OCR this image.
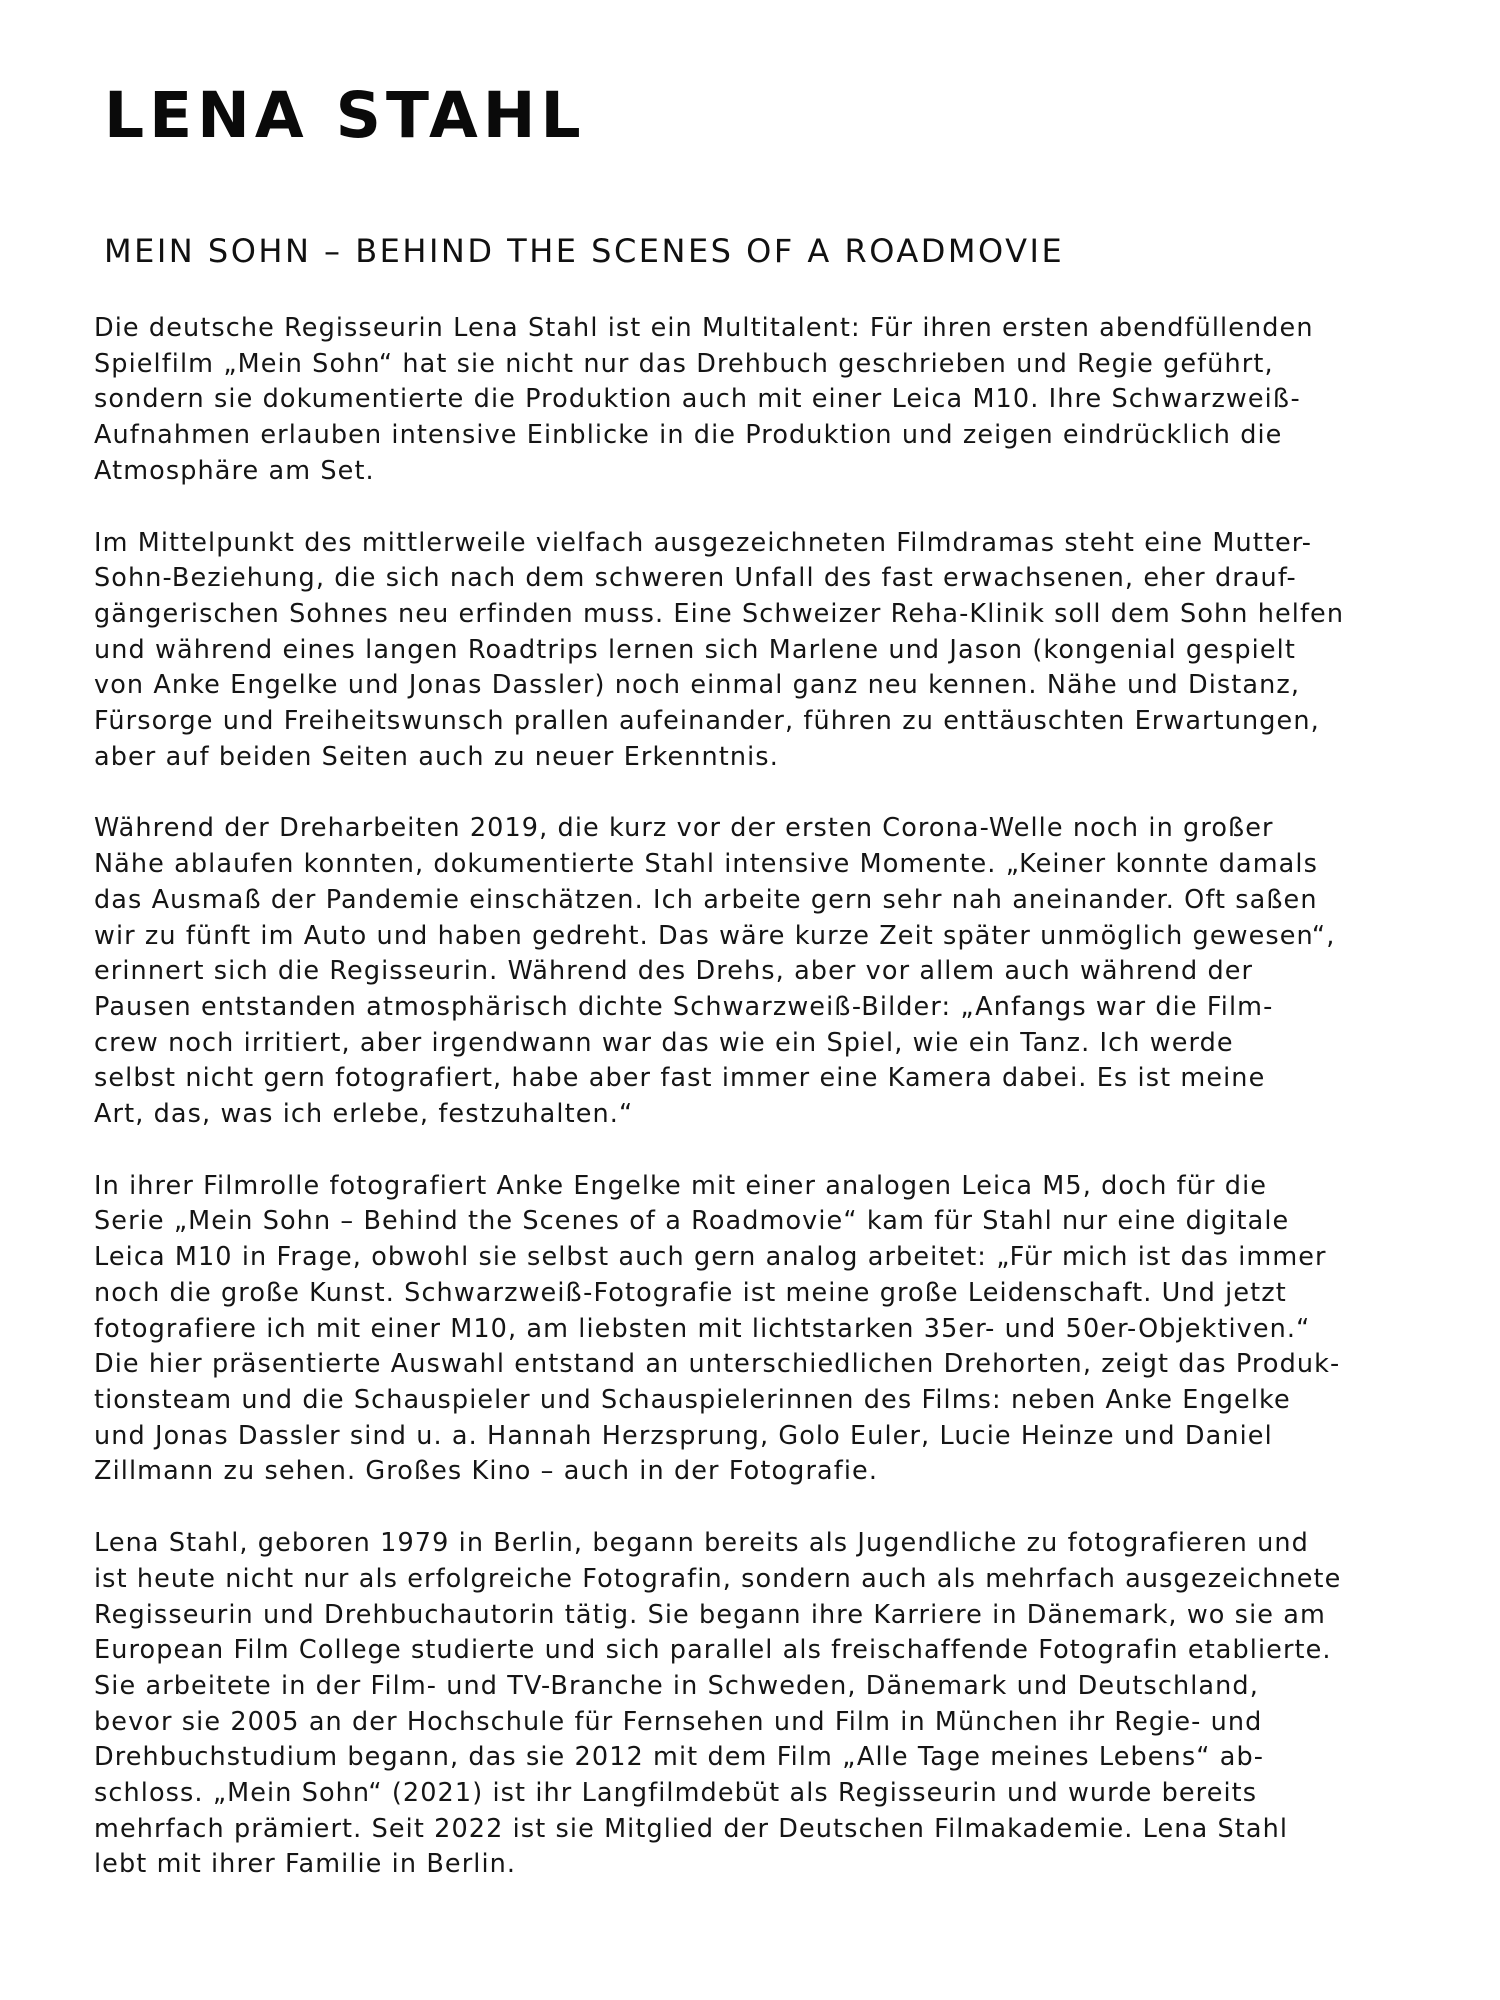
LENA STAHL
MEIN SOHN – BEHIND THE SCENES OF A ROADMOVIE

Die deutsche Regisseurin Lena Stahl ist ein Multitalent: Für ihren ersten abendfüllenden
Spielfilm „Mein Sohn“ hat sie nicht nur das Drehbuch geschrieben und Regie geführt,
sondern sie dokumentierte die Produktion auch mit einer Leica M10. Ihre Schwarzweiß-
Aufnahmen erlauben intensive Einblicke in die Produktion und zeigen eindrücklich die
Atmosphäre am Set.

Im Mittelpunkt des mittlerweile vielfach ausgezeichneten Filmdramas steht eine Mutter-
Sohn-Beziehung, die sich nach dem schweren Unfall des fast erwachsenen, eher drauf-
gängerischen Sohnes neu erfinden muss. Eine Schweizer Reha-Klinik soll dem Sohn helfen
und während eines langen Roadtrips lernen sich Marlene und Jason (kongenial gespielt
von Anke Engelke und Jonas Dassler) noch einmal ganz neu kennen. Nähe und Distanz,
Fürsorge und Freiheitswunsch prallen aufeinander, führen zu enttäuschten Erwartungen,
aber auf beiden Seiten auch zu neuer Erkenntnis.

Während der Dreharbeiten 2019, die kurz vor der ersten Corona-Welle noch in großer
Nähe ablaufen konnten, dokumentierte Stahl intensive Momente. „Keiner konnte damals
das Ausmaß der Pandemie einschätzen. Ich arbeite gern sehr nah aneinander. Oft saßen
wir zu fünft im Auto und haben gedreht. Das wäre kurze Zeit später unmöglich gewesen“,
erinnert sich die Regisseurin. Während des Drehs, aber vor allem auch während der
Pausen entstanden atmosphärisch dichte Schwarzweiß-Bilder: „Anfangs war die Film-
crew noch irritiert, aber irgendwann war das wie ein Spiel, wie ein Tanz. Ich werde
selbst nicht gern fotografiert, habe aber fast immer eine Kamera dabei. Es ist meine
Art, das, was ich erlebe, festzuhalten.“

In ihrer Filmrolle fotografiert Anke Engelke mit einer analogen Leica M5, doch für die
Serie „Mein Sohn – Behind the Scenes of a Roadmovie“ kam für Stahl nur eine digitale
Leica M10 in Frage, obwohl sie selbst auch gern analog arbeitet: „Für mich ist das immer
noch die große Kunst. Schwarzweiß-Fotografie ist meine große Leidenschaft. Und jetzt
fotografiere ich mit einer M10, am liebsten mit lichtstarken 35er- und 50er-Objektiven.“
Die hier präsentierte Auswahl entstand an unterschiedlichen Drehorten, zeigt das Produk-
tionsteam und die Schauspieler und Schauspielerinnen des Films: neben Anke Engelke
und Jonas Dassler sind u. a. Hannah Herzsprung, Golo Euler, Lucie Heinze und Daniel
Zillmann zu sehen. Großes Kino – auch in der Fotografie.

Lena Stahl, geboren 1979 in Berlin, begann bereits als Jugendliche zu fotografieren und
ist heute nicht nur als erfolgreiche Fotografin, sondern auch als mehrfach ausgezeichnete
Regisseurin und Drehbuchautorin tätig. Sie begann ihre Karriere in Dänemark, wo sie am
European Film College studierte und sich parallel als freischaffende Fotografin etablierte.
Sie arbeitete in der Film- und TV-Branche in Schweden, Dänemark und Deutschland,
bevor sie 2005 an der Hochschule für Fernsehen und Film in München ihr Regie- und
Drehbuchstudium begann, das sie 2012 mit dem Film „Alle Tage meines Lebens“ ab-
schloss. „Mein Sohn“ (2021) ist ihr Langfilmdebüt als Regisseurin und wurde bereits
mehrfach prämiert. Seit 2022 ist sie Mitglied der Deutschen Filmakademie. Lena Stahl
lebt mit ihrer Familie in Berlin.
